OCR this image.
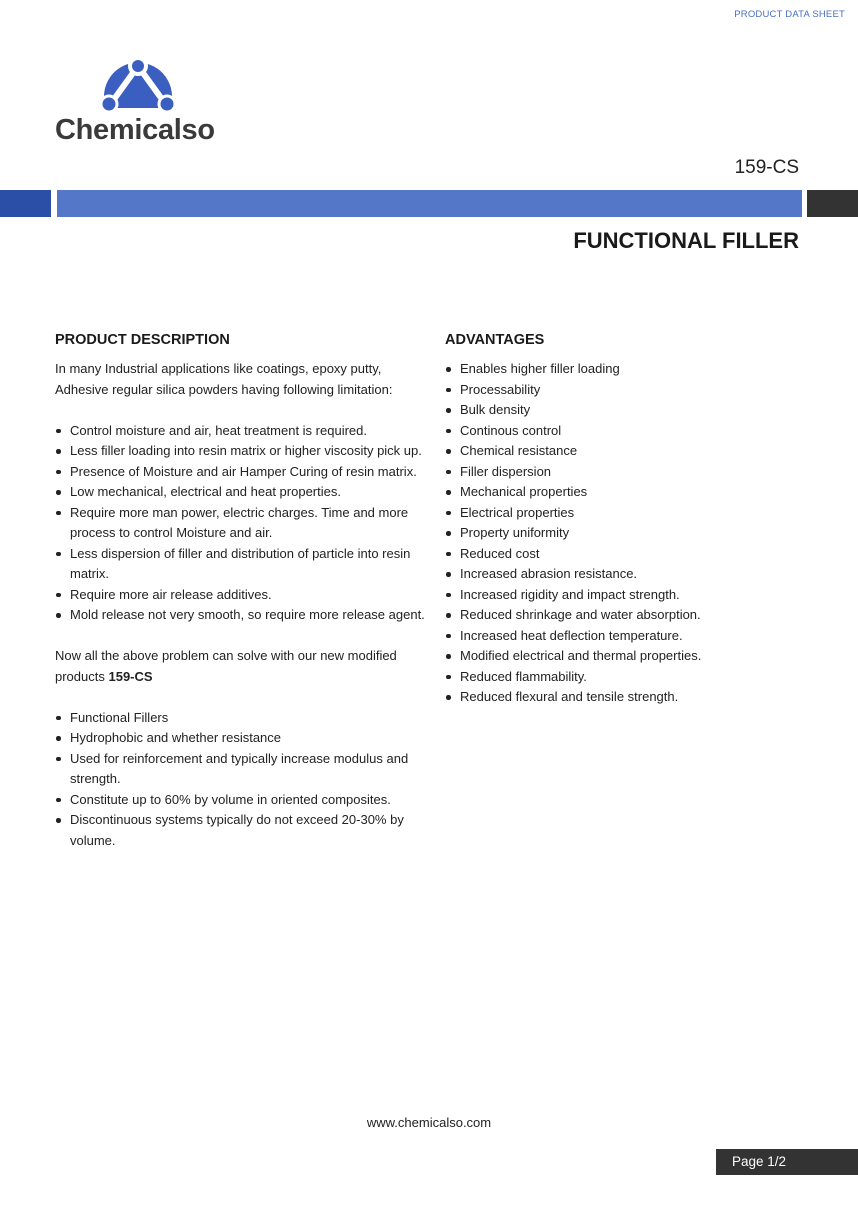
PRODUCT DATA SHEET
Chemicalso
159-CS
FUNCTIONAL FILLER
PRODUCT DESCRIPTION

In many Industrial applications like coatings, epoxy putty, Adhesive regular silica powders having following limitation:

Control moisture and air, heat treatment is required.
Less filler loading into resin matrix or higher viscosity pick up.
Presence of Moisture and air Hamper Curing of resin matrix.
Low mechanical, electrical and heat properties.
Require more man power, electric charges. Time and more process to control Moisture and air.
Less dispersion of filler and distribution of particle into resin matrix.
Require more air release additives.
Mold release not very smooth, so require more release agent.

Now all the above problem can solve with our new modified products 159-CS

Functional Fillers
Hydrophobic and whether resistance
Used for reinforcement and typically increase modulus and strength.
Constitute up to 60% by volume in oriented composites.
Discontinuous systems typically do not exceed 20-30% by volume.
ADVANTAGES
Enables higher filler loading
Processability
Bulk density
Continous control
Chemical resistance
Filler dispersion
Mechanical properties
Electrical properties
Property uniformity
Reduced cost
Increased abrasion resistance.
Increased rigidity and impact strength.
Reduced shrinkage and water absorption.
Increased heat deflection temperature.
Modified electrical and thermal properties.
Reduced flammability.
Reduced flexural and tensile strength.
www.chemicalso.com
Page 1/2
